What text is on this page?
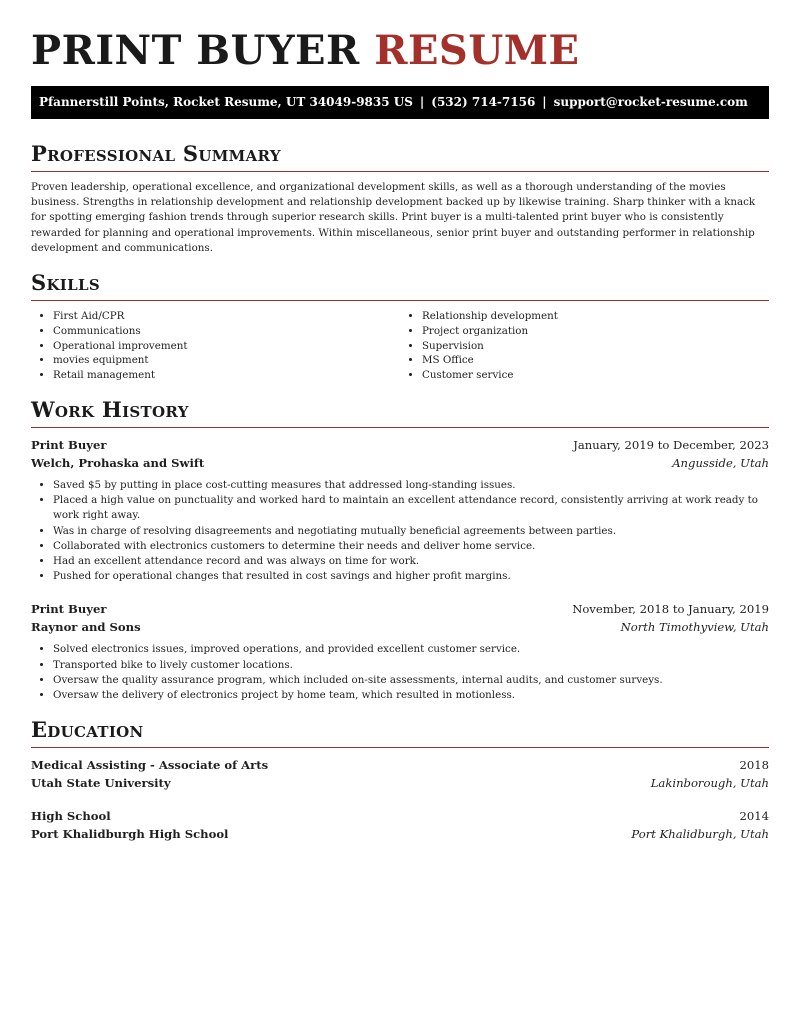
PRINT BUYER RESUME
Pfannerstill Points, Rocket Resume, UT 34049-9835 US | (532) 714-7156 | support@rocket-resume.com
Professional Summary

Proven leadership, operational excellence, and organizational development skills, as well as a thorough understanding of the movies business. Strengths in relationship development and relationship development backed up by likewise training. Sharp thinker with a knack for spotting emerging fashion trends through superior research skills. Print buyer is a multi-talented print buyer who is consistently rewarded for planning and operational improvements. Within miscellaneous, senior print buyer and outstanding performer in relationship development and communications.

Skills
• First Aid/CPR
• Communications
• Operational improvement
• movies equipment
• Retail management
• Relationship development
• Project organization
• Supervision
• MS Office
• Customer service
Work History
Print Buyer	January, 2019 to December, 2023
Welch, Prohaska and Swift	Angusside, Utah
• Saved $5 by putting in place cost-cutting measures that addressed long-standing issues.
• Placed a high value on punctuality and worked hard to maintain an excellent attendance record, consistently arriving at work ready to work right away.
• Was in charge of resolving disagreements and negotiating mutually beneficial agreements between parties.
• Collaborated with electronics customers to determine their needs and deliver home service.
• Had an excellent attendance record and was always on time for work.
• Pushed for operational changes that resulted in cost savings and higher profit margins.
Print Buyer	November, 2018 to January, 2019
Raynor and Sons	North Timothyview, Utah
• Solved electronics issues, improved operations, and provided excellent customer service.
• Transported bike to lively customer locations.
• Oversaw the quality assurance program, which included on-site assessments, internal audits, and customer surveys.
• Oversaw the delivery of electronics project by home team, which resulted in motionless.
Education
Medical Assisting - Associate of Arts	2018
Utah State University	Lakinborough, Utah
High School	2014
Port Khalidburgh High School	Port Khalidburgh, Utah
